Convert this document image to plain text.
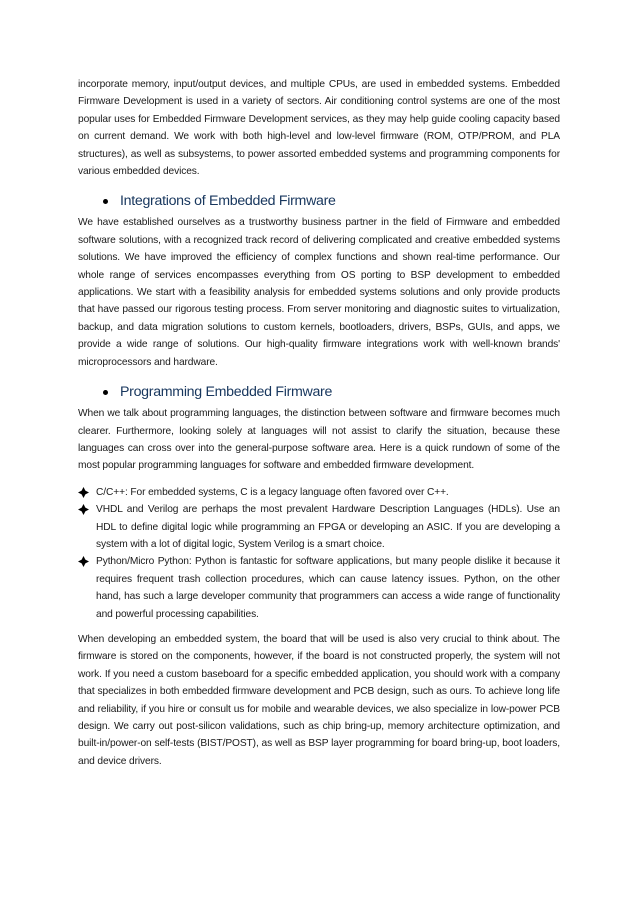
incorporate memory, input/output devices, and multiple CPUs, are used in embedded systems. Embedded Firmware Development is used in a variety of sectors. Air conditioning control systems are one of the most popular uses for Embedded Firmware Development services, as they may help guide cooling capacity based on current demand. We work with both high-level and low-level firmware (ROM, OTP/PROM, and PLA structures), as well as subsystems, to power assorted embedded systems and programming components for various embedded devices.

Integrations of Embedded Firmware

We have established ourselves as a trustworthy business partner in the field of Firmware and embedded software solutions, with a recognized track record of delivering complicated and creative embedded systems solutions. We have improved the efficiency of complex functions and shown real-time performance. Our whole range of services encompasses everything from OS porting to BSP development to embedded applications. We start with a feasibility analysis for embedded systems solutions and only provide products that have passed our rigorous testing process. From server monitoring and diagnostic suites to virtualization, backup, and data migration solutions to custom kernels, bootloaders, drivers, BSPs, GUIs, and apps, we provide a wide range of solutions. Our high-quality firmware integrations work with well-known brands' microprocessors and hardware.

Programming Embedded Firmware

When we talk about programming languages, the distinction between software and firmware becomes much clearer. Furthermore, looking solely at languages will not assist to clarify the situation, because these languages can cross over into the general-purpose software area. Here is a quick rundown of some of the most popular programming languages for software and embedded firmware development.

C/C++: For embedded systems, C is a legacy language often favored over C++.
VHDL and Verilog are perhaps the most prevalent Hardware Description Languages (HDLs). Use an HDL to define digital logic while programming an FPGA or developing an ASIC. If you are developing a system with a lot of digital logic, System Verilog is a smart choice.
Python/Micro Python: Python is fantastic for software applications, but many people dislike it because it requires frequent trash collection procedures, which can cause latency issues. Python, on the other hand, has such a large developer community that programmers can access a wide range of functionality and powerful processing capabilities.

When developing an embedded system, the board that will be used is also very crucial to think about. The firmware is stored on the components, however, if the board is not constructed properly, the system will not work. If you need a custom baseboard for a specific embedded application, you should work with a company that specializes in both embedded firmware development and PCB design, such as ours. To achieve long life and reliability, if you hire or consult us for mobile and wearable devices, we also specialize in low-power PCB design. We carry out post-silicon validations, such as chip bring-up, memory architecture optimization, and built-in/power-on self-tests (BIST/POST), as well as BSP layer programming for board bring-up, boot loaders, and device drivers.
